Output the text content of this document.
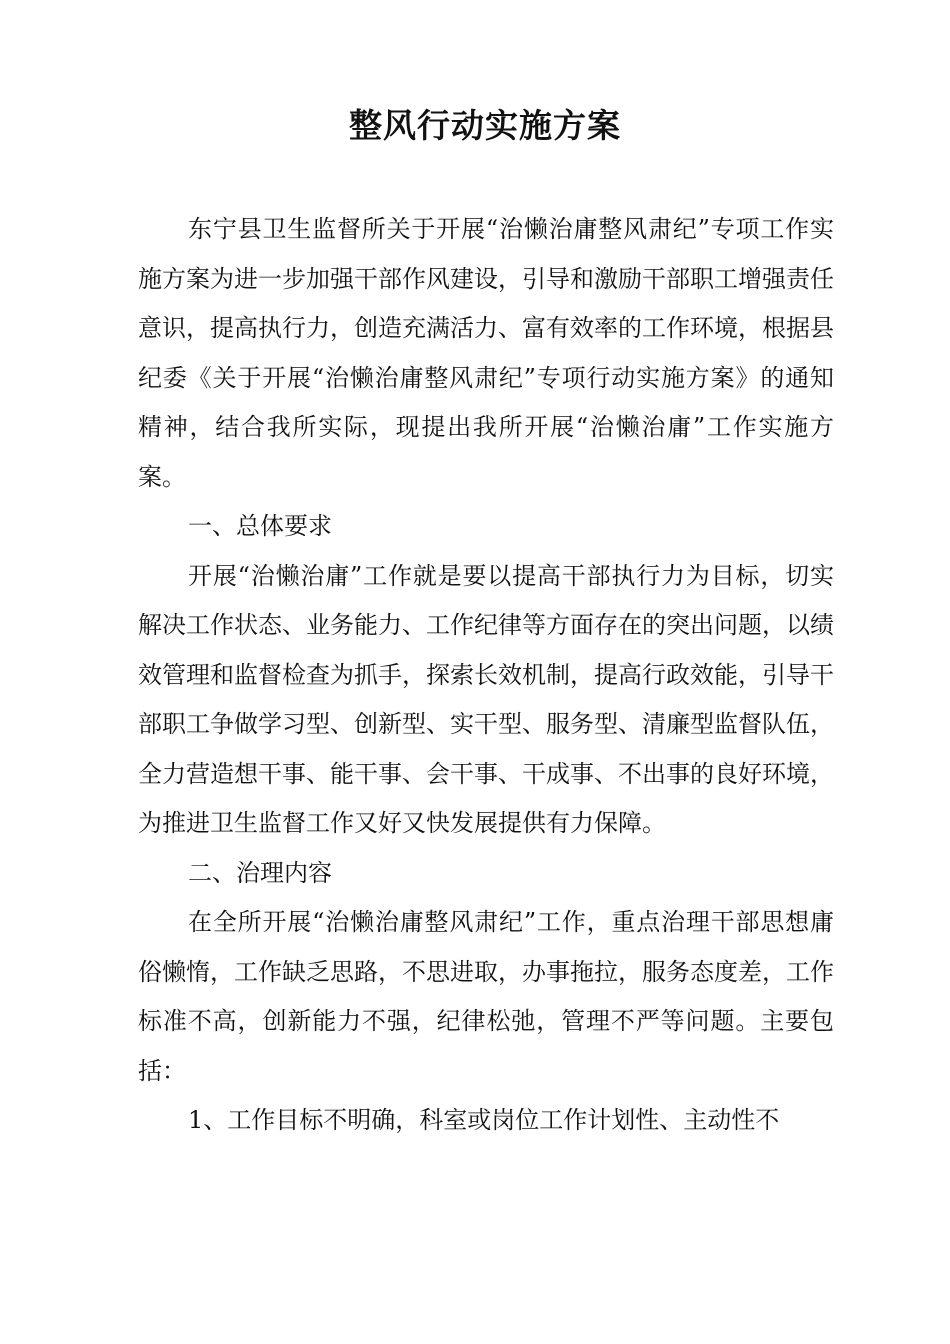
整风行动实施方案

东宁县卫生监督所关于开展“治懒治庸整风肃纪”专项工作实施方案为进一步加强干部作风建设，引导和激励干部职工增强责任意识，提高执行力，创造充满活力、富有效率的工作环境，根据县纪委《关于开展“治懒治庸整风肃纪”专项行动实施方案》的通知精神，结合我所实际，现提出我所开展“治懒治庸”工作实施方案。

一、总体要求

开展“治懒治庸”工作就是要以提高干部执行力为目标，切实解决工作状态、业务能力、工作纪律等方面存在的突出问题，以绩效管理和监督检查为抓手，探索长效机制，提高行政效能，引导干部职工争做学习型、创新型、实干型、服务型、清廉型监督队伍，全力营造想干事、能干事、会干事、干成事、不出事的良好环境，为推进卫生监督工作又好又快发展提供有力保障。

二、治理内容

在全所开展“治懒治庸整风肃纪”工作，重点治理干部思想庸俗懒惰，工作缺乏思路，不思进取，办事拖拉，服务态度差，工作标准不高，创新能力不强，纪律松弛，管理不严等问题。主要包括：

1、工作目标不明确，科室或岗位工作计划性、主动性不
